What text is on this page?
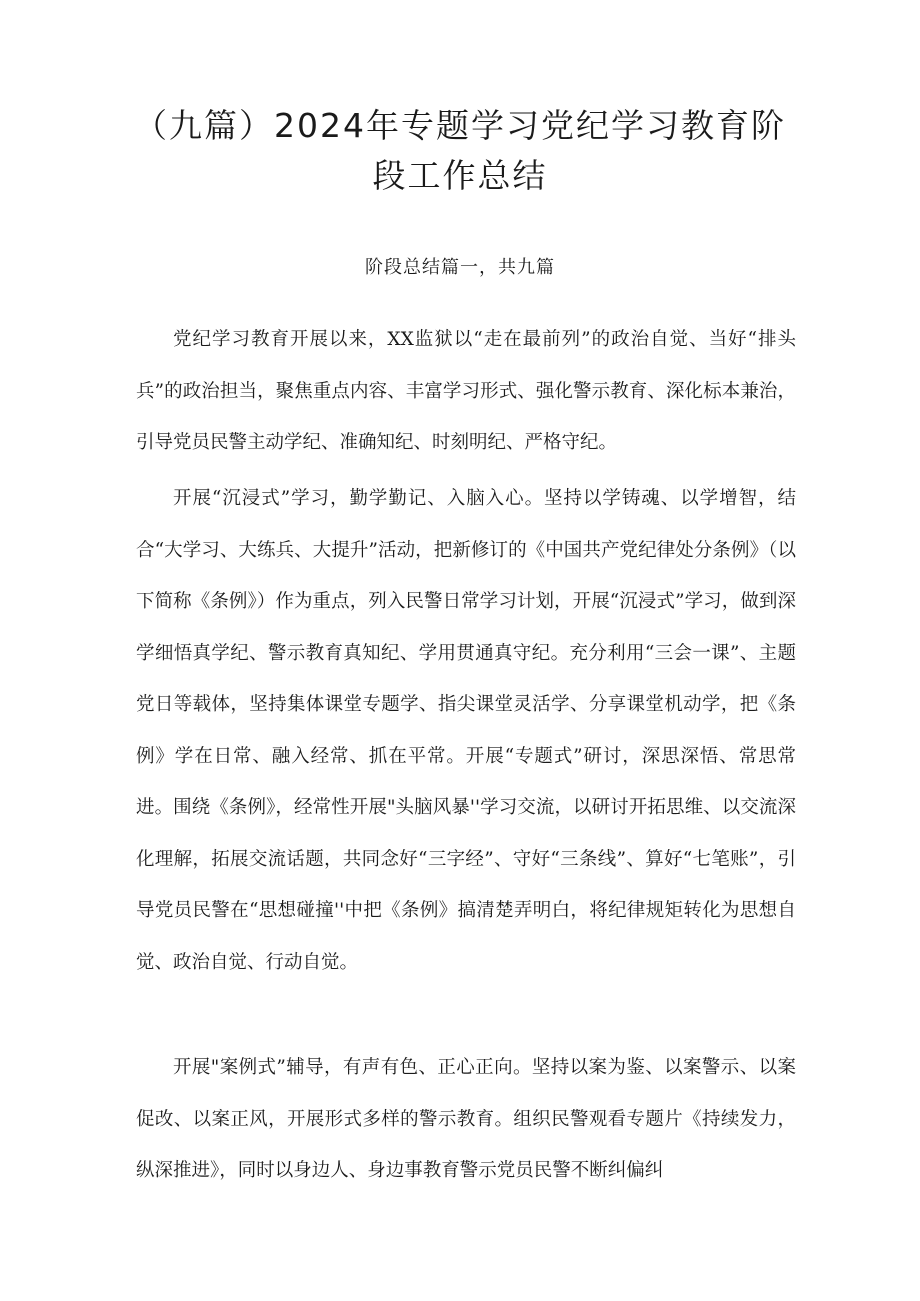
（九篇）2024年专题学习党纪学习教育阶
段工作总结

阶段总结篇一，共九篇

党纪学习教育开展以来，XX监狱以“走在最前列”的政治自觉、当好“排头兵”的政治担当，聚焦重点内容、丰富学习形式、强化警示教育、深化标本兼治，引导党员民警主动学纪、准确知纪、时刻明纪、严格守纪。

开展“沉浸式”学习，勤学勤记、入脑入心。坚持以学铸魂、以学增智，结合“大学习、大练兵、大提升”活动，把新修订的《中国共产党纪律处分条例》（以下简称《条例》）作为重点，列入民警日常学习计划，开展“沉浸式”学习，做到深学细悟真学纪、警示教育真知纪、学用贯通真守纪。充分利用“三会一课”、主题党日等载体，坚持集体课堂专题学、指尖课堂灵活学、分享课堂机动学，把《条例》学在日常、融入经常、抓在平常。开展“专题式”研讨，深思深悟、常思常进。围绕《条例》，经常性开展"头脑风暴''学习交流，以研讨开拓思维、以交流深化理解，拓展交流话题，共同念好“三字经”、守好“三条线”、算好“七笔账”，引导党员民警在“思想碰撞''中把《条例》搞清楚弄明白，将纪律规矩转化为思想自觉、政治自觉、行动自觉。

开展"案例式”辅导，有声有色、正心正向。坚持以案为鉴、以案警示、以案促改、以案正风，开展形式多样的警示教育。组织民警观看专题片《持续发力，纵深推进》，同时以身边人、身边事教育警示党员民警不断纠偏纠
